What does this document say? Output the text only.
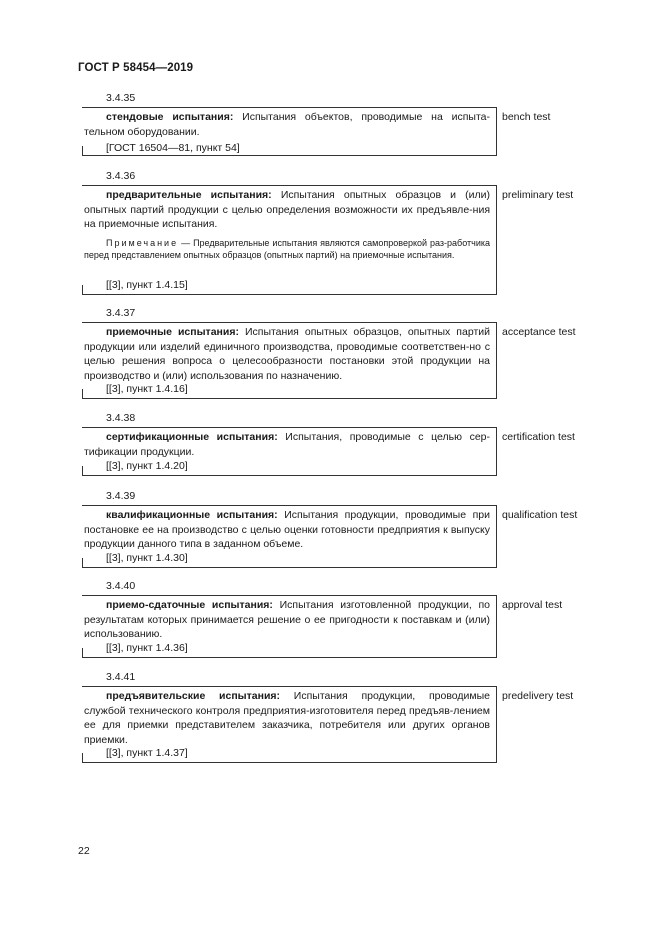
ГОСТ Р 58454—2019
3.4.35

стендовые испытания: Испытания объектов, проводимые на испыта-тельном оборудовании.

[ГОСТ 16504—81, пункт 54]
bench test
3.4.36

предварительные испытания: Испытания опытных образцов и (или) опытных партий продукции с целью определения возможности их предъявле-ния на приемочные испытания.

Примечание — Предварительные испытания являются самопроверкой раз-работчика перед представлением опытных образцов (опытных партий) на приемочные испытания.

[[3], пункт 1.4.15]
preliminary test
3.4.37

приемочные испытания: Испытания опытных образцов, опытных партий продукции или изделий единичного производства, проводимые соответствен-но с целью решения вопроса о целесообразности постановки этой продукции на производство и (или) использования по назначению.

[[3], пункт 1.4.16]
acceptance test
3.4.38

сертификационные испытания: Испытания, проводимые с целью сер-тификации продукции.

[[3], пункт 1.4.20]
certification test
3.4.39

квалификационные испытания: Испытания продукции, проводимые при постановке ее на производство с целью оценки готовности предприятия к выпуску продукции данного типа в заданном объеме.

[[3], пункт 1.4.30]
qualification test
3.4.40

приемо-сдаточные испытания: Испытания изготовленной продукции, по результатам которых принимается решение о ее пригодности к поставкам и (или) использованию.

[[3], пункт 1.4.36]
approval test
3.4.41

предъявительские испытания: Испытания продукции, проводимые службой технического контроля предприятия-изготовителя перед предъяв-лением ее для приемки представителем заказчика, потребителя или других органов приемки.

[[3], пункт 1.4.37]
predelivery test
22
